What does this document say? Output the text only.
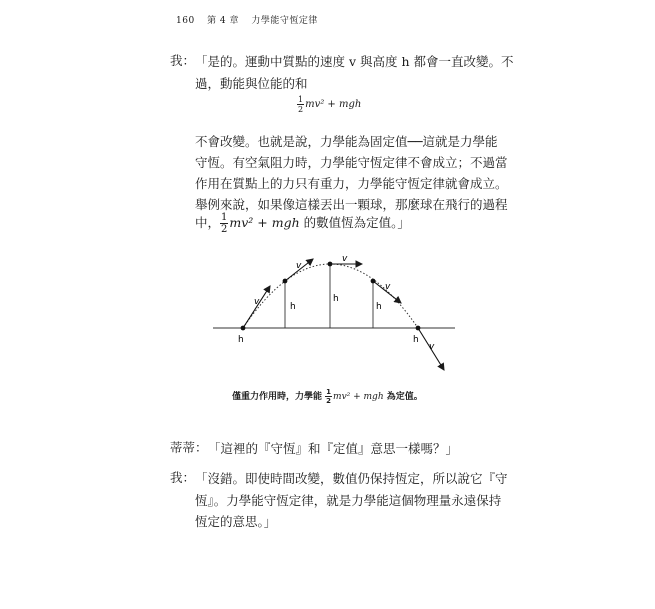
160 第 4 章 力學能守恆定律
我： 「是的。運動中質點的速度 v 與高度 h 都會一直改變。不
過，動能與位能的和
$\frac{1}{2} mv^2$ + mgh
不會改變。也就是說，力學能為固定值──這就是力學能
守恆。有空氣阻力時，力學能守恆定律不會成立；不過當
作用在質點上的力只有重力，力學能守恆定律就會成立。
舉例來說，如果像這樣丟出一顆球，那麼球在飛行的過程
中， $\frac{1}{2} mv^2$ + mgh 的數值恆為定值。」
v
v
v
v
v
h
h
h
h	h
僅重力作用時，力學能 $\frac{1}{2} mv^2$ + mgh 為定值。
蒂蒂： 「這裡的『守恆』和『定值』意思一樣嗎？」
我： 「沒錯。即使時間改變，數值仍保持恆定，所以說它『守
恆』。力學能守恆定律，就是力學能這個物理量永遠保持
恆定的意思。」
